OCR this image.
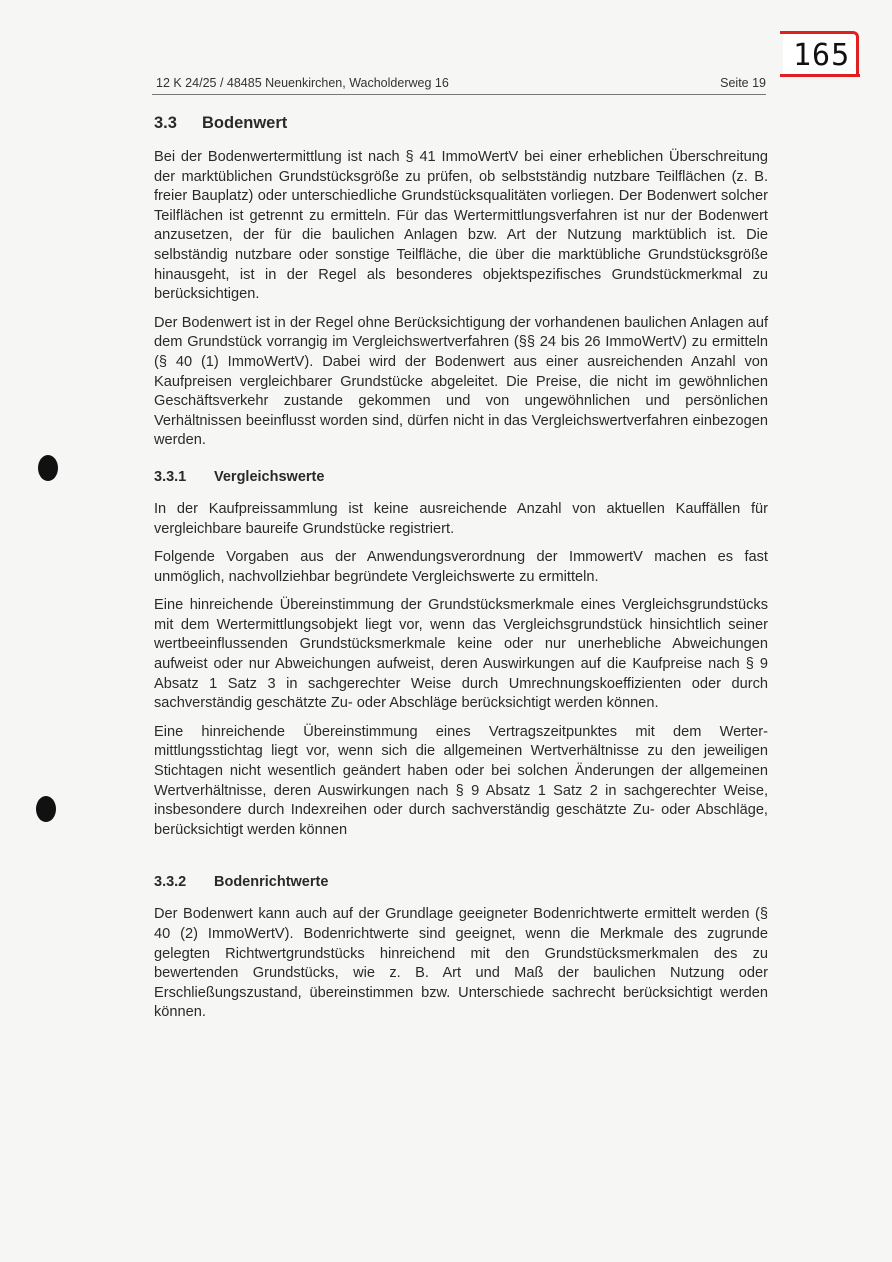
165
12 K 24/25 / 48485 Neuenkirchen, Wacholderweg 16	Seite 19
3.3 Bodenwert

Bei der Bodenwertermittlung ist nach § 41 ImmoWertV bei einer erheblichen Überschreitung der marktüblichen Grundstücksgröße zu prüfen, ob selbstständig nutzbare Teilflächen (z. B. freier Bauplatz) oder unterschiedliche Grundstücksqualitäten vorliegen. Der Bodenwert solcher Teilflächen ist getrennt zu ermitteln. Für das Wertermittlungsverfahren ist nur der Bodenwert anzusetzen, der für die baulichen Anlagen bzw. Art der Nutzung marktüblich ist. Die selbständig nutzbare oder sonstige Teilfläche, die über die marktübliche Grundstücksgröße hinausgeht, ist in der Regel als besonderes objektspezifisches Grundstückmerkmal zu berücksichtigen.

Der Bodenwert ist in der Regel ohne Berücksichtigung der vorhandenen baulichen Anlagen auf dem Grundstück vorrangig im Vergleichswertverfahren (§§ 24 bis 26 ImmoWertV) zu ermitteln (§ 40 (1) ImmoWertV). Dabei wird der Bodenwert aus einer ausreichenden Anzahl von Kaufpreisen vergleichbarer Grundstücke abgeleitet. Die Preise, die nicht im gewöhnlichen Geschäftsverkehr zustande gekommen und von ungewöhnlichen und persönlichen Verhältnissen beeinflusst worden sind, dürfen nicht in das Vergleichswertverfahren einbezogen werden.

3.3.1 Vergleichswerte

In der Kaufpreissammlung ist keine ausreichende Anzahl von aktuellen Kauffällen für vergleichbare baureife Grundstücke registriert.

Folgende Vorgaben aus der Anwendungsverordnung der ImmowertV machen es fast unmöglich, nachvollziehbar begründete Vergleichswerte zu ermitteln.

Eine hinreichende Übereinstimmung der Grundstücksmerkmale eines Vergleichsgrundstücks mit dem Wertermittlungsobjekt liegt vor, wenn das Vergleichsgrundstück hinsichtlich seiner wertbeeinflussenden Grundstücksmerkmale keine oder nur unerhebliche Abweichungen aufweist oder nur Abweichungen aufweist, deren Auswirkungen auf die Kaufpreise nach § 9 Absatz 1 Satz 3 in sachgerechter Weise durch Umrechnungskoeffizienten oder durch sachverständig geschätzte Zu- oder Abschläge berücksichtigt werden können.

Eine hinreichende Übereinstimmung eines Vertragszeitpunktes mit dem Wertermittlungsstichtag liegt vor, wenn sich die allgemeinen Wertverhältnisse zu den jeweiligen Stichtagen nicht wesentlich geändert haben oder bei solchen Änderungen der allgemeinen Wertverhältnisse, deren Auswirkungen nach § 9 Absatz 1 Satz 2 in sachgerechter Weise, insbesondere durch Indexreihen oder durch sachverständig geschätzte Zu- oder Abschläge, berücksichtigt werden können

3.3.2 Bodenrichtwerte

Der Bodenwert kann auch auf der Grundlage geeigneter Bodenrichtwerte ermittelt werden (§ 40 (2) ImmoWertV). Bodenrichtwerte sind geeignet, wenn die Merkmale des zugrunde gelegten Richtwertgrundstücks hinreichend mit den Grundstücksmerkmalen des zu bewertenden Grundstücks, wie z. B. Art und Maß der baulichen Nutzung oder Erschließungszustand, übereinstimmen bzw. Unterschiede sachrecht berücksichtigt werden können.
